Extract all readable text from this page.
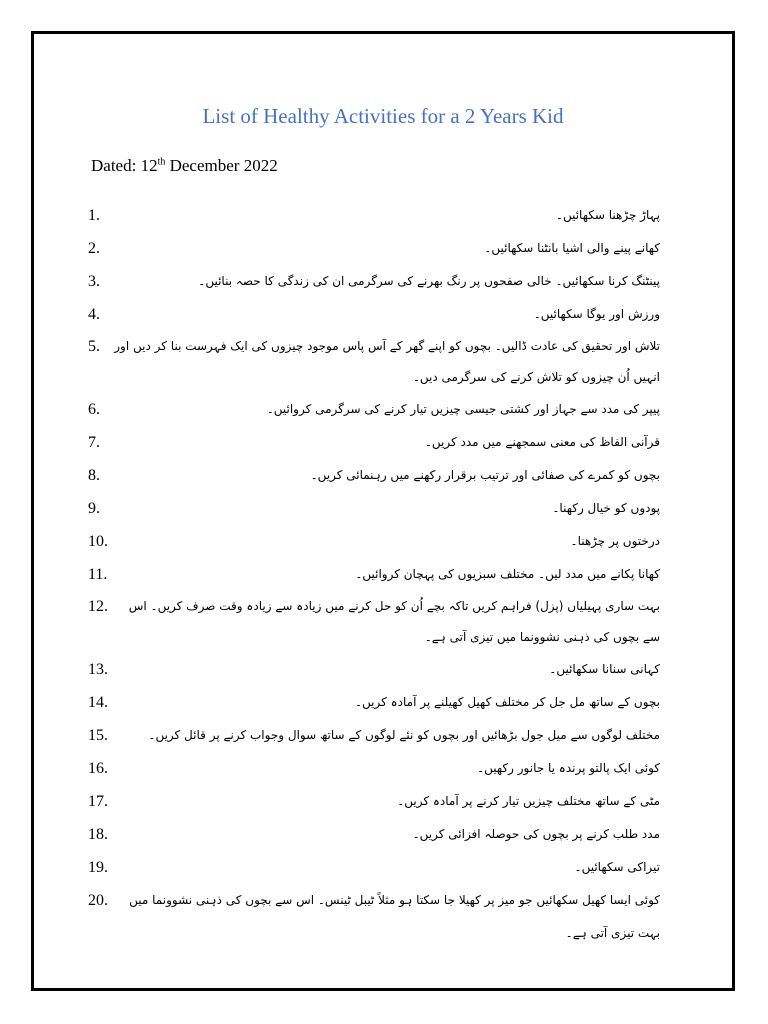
List of Healthy Activities for a 2 Years Kid
Dated: 12th December 2022
پہاڑ چڑھنا سکھائیں۔
1.
کھانے پینے والی اشیا بانٹنا سکھائیں۔
2.
پینٹنگ کرنا سکھائیں۔ خالی صفحوں پر رنگ بھرنے کی سرگرمی ان کی زندگی کا حصہ بنائیں۔
3.
ورزش اور یوگا سکھائیں۔
4.
تلاش اور تحقیق کی عادت ڈالیں۔ بچوں کو اپنے گھر کے آس پاس موجود چیزوں کی ایک فہرست بنا کر دیں اور انہیں اُن چیزوں کو تلاش کرنے کی سرگرمی دیں۔
5.
پیپر کی مدد سے جہاز اور کشتی جیسی چیزیں تیار کرنے کی سرگرمی کروائیں۔
6.
قرآنی الفاظ کی معنی سمجھنے میں مدد کریں۔
7.
بچوں کو کمرے کی صفائی اور ترتیب برقرار رکھنے میں رہنمائی کریں۔
8.
پودوں کو خیال رکھنا۔
9.
درختوں پر چڑھنا۔
10.
کھانا پکانے میں مدد لیں۔ مختلف سبزیوں کی پہچان کروائیں۔
11.
بہت ساری پہیلیاں (پزل) فراہم کریں تاکہ بچے اُن کو حل کرنے میں زیادہ سے زیادہ وقت صرف کریں۔ اس سے بچوں کی ذہنی نشوونما میں تیزی آتی ہے۔
12.
کہانی سنانا سکھائیں۔
13.
بچوں کے ساتھ مل جل کر مختلف کھیل کھیلنے پر آمادہ کریں۔
14.
مختلف لوگوں سے میل جول بڑھائیں اور بچوں کو نئے لوگوں کے ساتھ سوال وجواب کرنے پر قائل کریں۔
15.
کوئی ایک پالتو پرندہ یا جانور رکھیں۔
16.
مٹی کے ساتھ مختلف چیزیں تیار کرنے پر آمادہ کریں۔
17.
مدد طلب کرنے پر بچوں کی حوصلہ افزائی کریں۔
18.
تیراکی سکھائیں۔
19.
کوئی ایسا کھیل سکھائیں جو میز پر کھیلا جا سکتا ہو مثلاً ٹیبل ٹینس۔ اس سے بچوں کی ذہنی نشوونما میں بہت تیزی آتی ہے۔
20.
